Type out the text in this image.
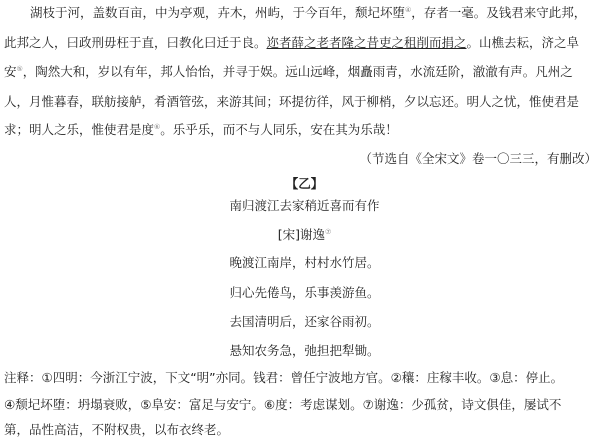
湖枝于河，盖数百亩，中为亭观，卉木，州屿，于今百年，颓圮坏堕④，存者一毫。及钱君来守此邦，
此邦之人，曰政刑毋枉于直，曰教化曰迁于良。迩者薛之老者隆之昔吏之租削而捐之。山樵去耘，济之阜
安⑤，陶然大和，岁以有年，邦人怡怡，并寻于娱。远山远峰，烟矗雨青，水流廷阶，澈澈有声。凡州之
人，月惟暮春，联舫接舻，肴酒管弦，来游其间；环提彷徉，风于柳梢，夕以忘还。明人之忧，惟使君是
求；明人之乐，惟使君是度⑥。乐乎乐，而不与人同乐，安在其为乐哉！
（节选自《全宋文》卷一〇三三，有删改）
【乙】
南归渡江去家稍近喜而有作
[宋]谢逸⑦
晚渡江南岸，村村水竹居。
归心先倦鸟，乐事羡游鱼。
去国清明后，还家谷雨初。
悬知农务急，弛担把犁锄。
注释：①四明：今浙江宁波，下文“明”亦同。钱君：曾任宁波地方官。②穰：庄稼丰收。③息：停止。
④颓圮坏堕：坍塌衰败，⑤阜安：富足与安宁。⑥度：考虑谋划。⑦谢逸：少孤贫，诗文俱佳，屡试不
第，品性高洁，不附权贵，以布衣终老。
